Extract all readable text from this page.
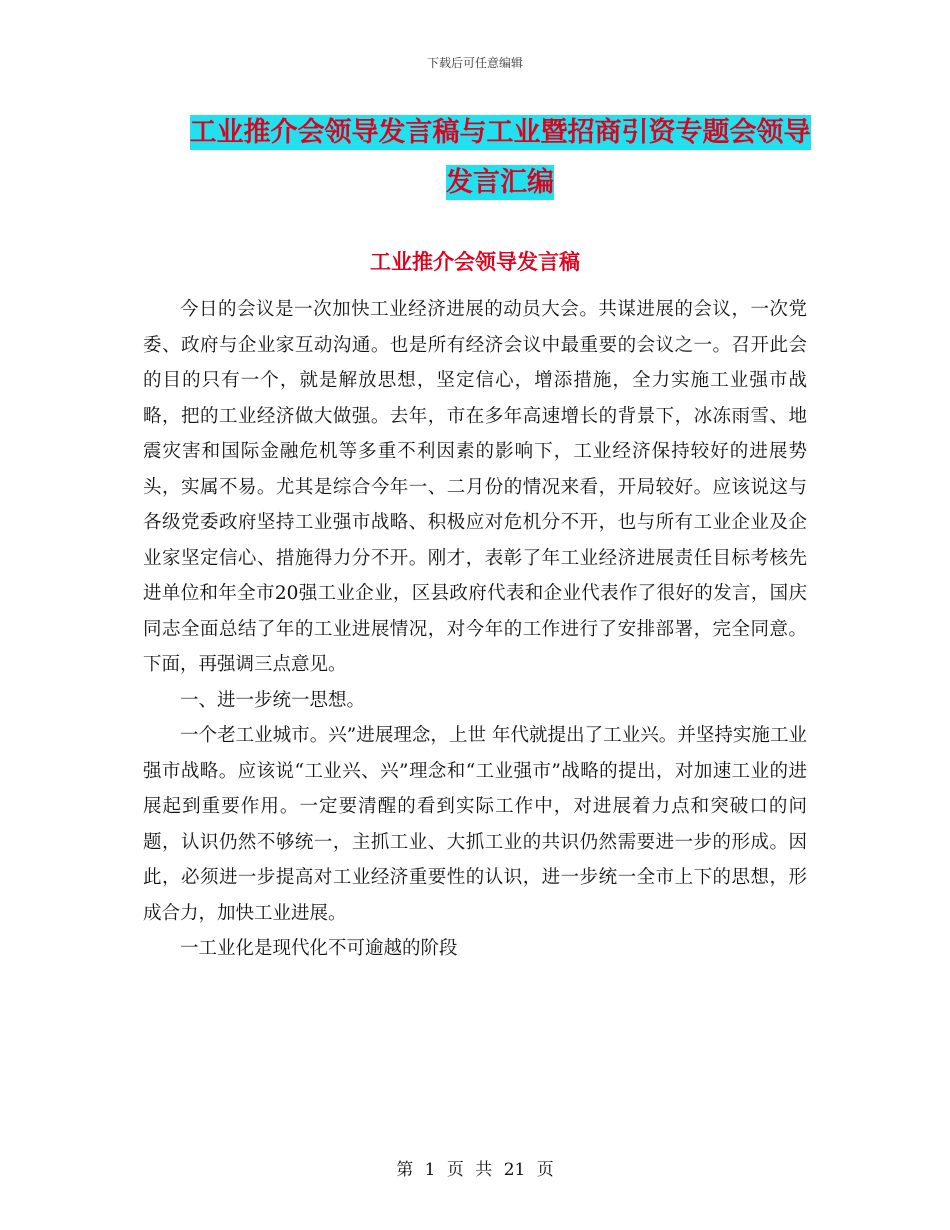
下载后可任意编辑
工业推介会领导发言稿与工业暨招商引资专题会领导
发言汇编
工业推介会领导发言稿

今日的会议是一次加快工业经济进展的动员大会。共谋进展的会议，一次党委、政府与企业家互动沟通。也是所有经济会议中最重要的会议之一。召开此会的目的只有一个，就是解放思想，坚定信心，增添措施，全力实施工业强市战略，把的工业经济做大做强。去年，市在多年高速增长的背景下，冰冻雨雪、地震灾害和国际金融危机等多重不利因素的影响下，工业经济保持较好的进展势头，实属不易。尤其是综合今年一、二月份的情况来看，开局较好。应该说这与各级党委政府坚持工业强市战略、积极应对危机分不开，也与所有工业企业及企业家坚定信心、措施得力分不开。刚才，表彰了年工业经济进展责任目标考核先进单位和年全市20强工业企业，区县政府代表和企业代表作了很好的发言，国庆同志全面总结了年的工业进展情况，对今年的工作进行了安排部署，完全同意。下面，再强调三点意见。

一、进一步统一思想。

一个老工业城市。兴”进展理念，上世 年代就提出了工业兴。并坚持实施工业强市战略。应该说“工业兴、兴”理念和“工业强市”战略的提出，对加速工业的进展起到重要作用。一定要清醒的看到实际工作中，对进展着力点和突破口的问题，认识仍然不够统一，主抓工业、大抓工业的共识仍然需要进一步的形成。因此，必须进一步提高对工业经济重要性的认识，进一步统一全市上下的思想，形成合力，加快工业进展。

一工业化是现代化不可逾越的阶段

第 1 页 共 21 页
